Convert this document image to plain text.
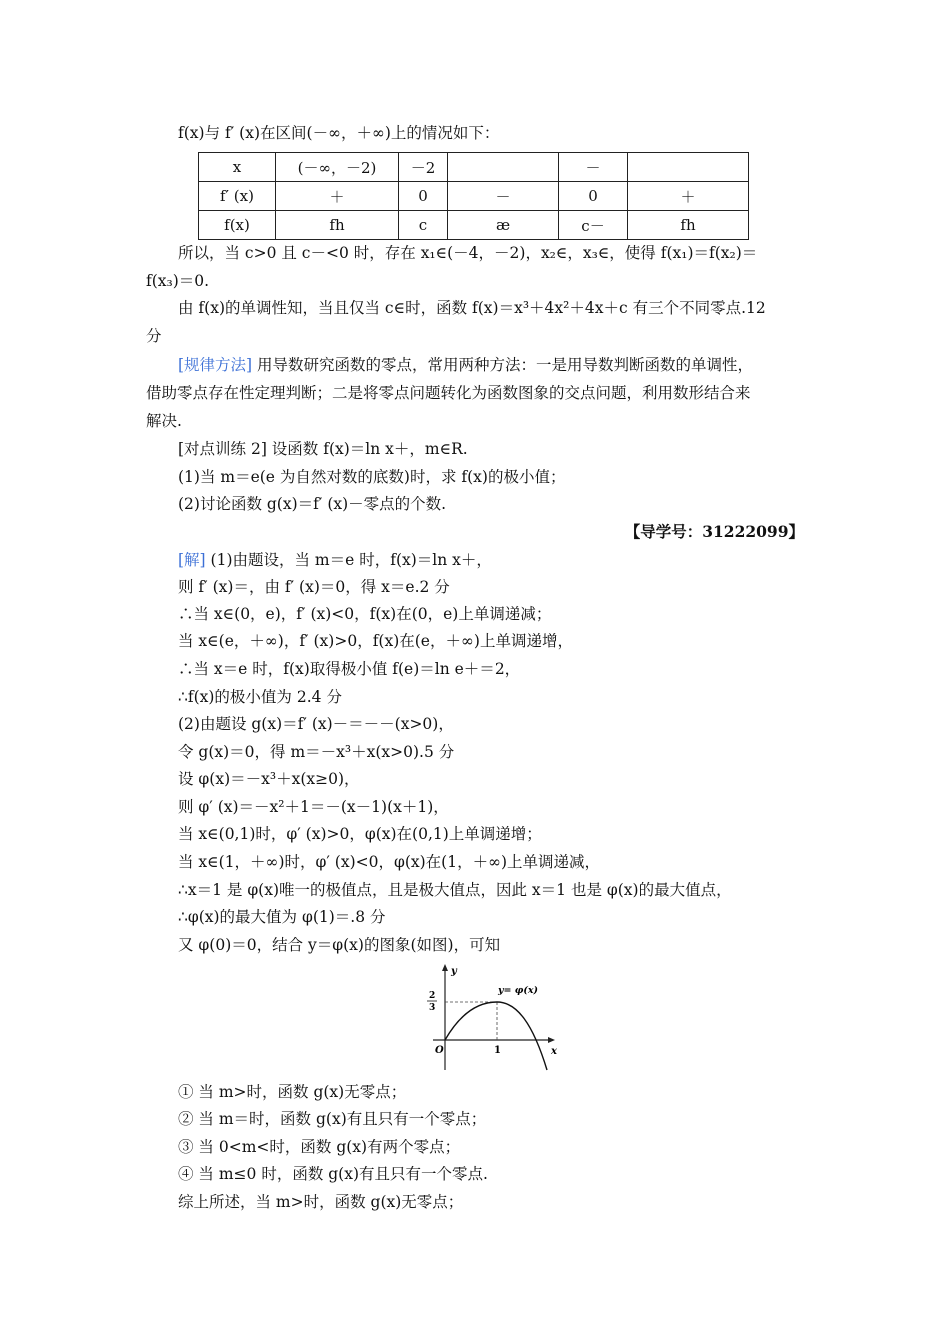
f(x)与 f′ (x)在区间(－∞，＋∞)上的情况如下：
x	(－∞，－2)	－2		－	
f′ (x)	＋	0	－	0	＋
f(x)	fh	c	æ	c－	fh
所以，当 c>0 且 c－<0 时，存在 x₁∈(－4，－2)，x₂∈，x₃∈，使得 f(x₁)＝f(x₂)＝
f(x₃)＝0.
由 f(x)的单调性知，当且仅当 c∈时，函数 f(x)＝x³＋4x²＋4x＋c 有三个不同零点.12
分
[规律方法] 用导数研究函数的零点，常用两种方法：一是用导数判断函数的单调性，
借助零点存在性定理判断；二是将零点问题转化为函数图象的交点问题，利用数形结合来
解决.
[对点训练 2] 设函数 f(x)＝ln x＋，m∈R.
(1)当 m＝e(e 为自然对数的底数)时，求 f(x)的极小值；
(2)讨论函数 g(x)＝f′ (x)－零点的个数.
【导学号：31222099】
[解] (1)由题设，当 m＝e 时，f(x)＝ln x＋，
则 f′ (x)＝，由 f′ (x)＝0，得 x＝e.2 分
∴当 x∈(0，e)，f′ (x)<0，f(x)在(0，e)上单调递减；
当 x∈(e，＋∞)，f′ (x)>0，f(x)在(e，＋∞)上单调递增，
∴当 x＝e 时，f(x)取得极小值 f(e)＝ln e＋＝2，
∴f(x)的极小值为 2.4 分
(2)由题设 g(x)＝f′ (x)－＝－－(x>0)，
令 g(x)＝0，得 m＝－x³＋x(x>0).5 分
设 φ(x)＝－x³＋x(x≥0)，
则 φ′ (x)＝－x²＋1＝－(x－1)(x＋1)，
当 x∈(0,1)时，φ′ (x)>0，φ(x)在(0,1)上单调递增；
当 x∈(1，＋∞)时，φ′ (x)<0，φ(x)在(1，＋∞)上单调递减，
∴x＝1 是 φ(x)唯一的极值点，且是极大值点，因此 x＝1 也是 φ(x)的最大值点，
∴φ(x)的最大值为 φ(1)＝.8 分
又 φ(0)＝0，结合 y＝φ(x)的图象(如图)，可知
y
x
O	1
2
3
y= φ(x)
① 当 m>时，函数 g(x)无零点；
② 当 m＝时，函数 g(x)有且只有一个零点；
③ 当 0<m<时，函数 g(x)有两个零点；
④ 当 m≤0 时，函数 g(x)有且只有一个零点.
综上所述，当 m>时，函数 g(x)无零点；
